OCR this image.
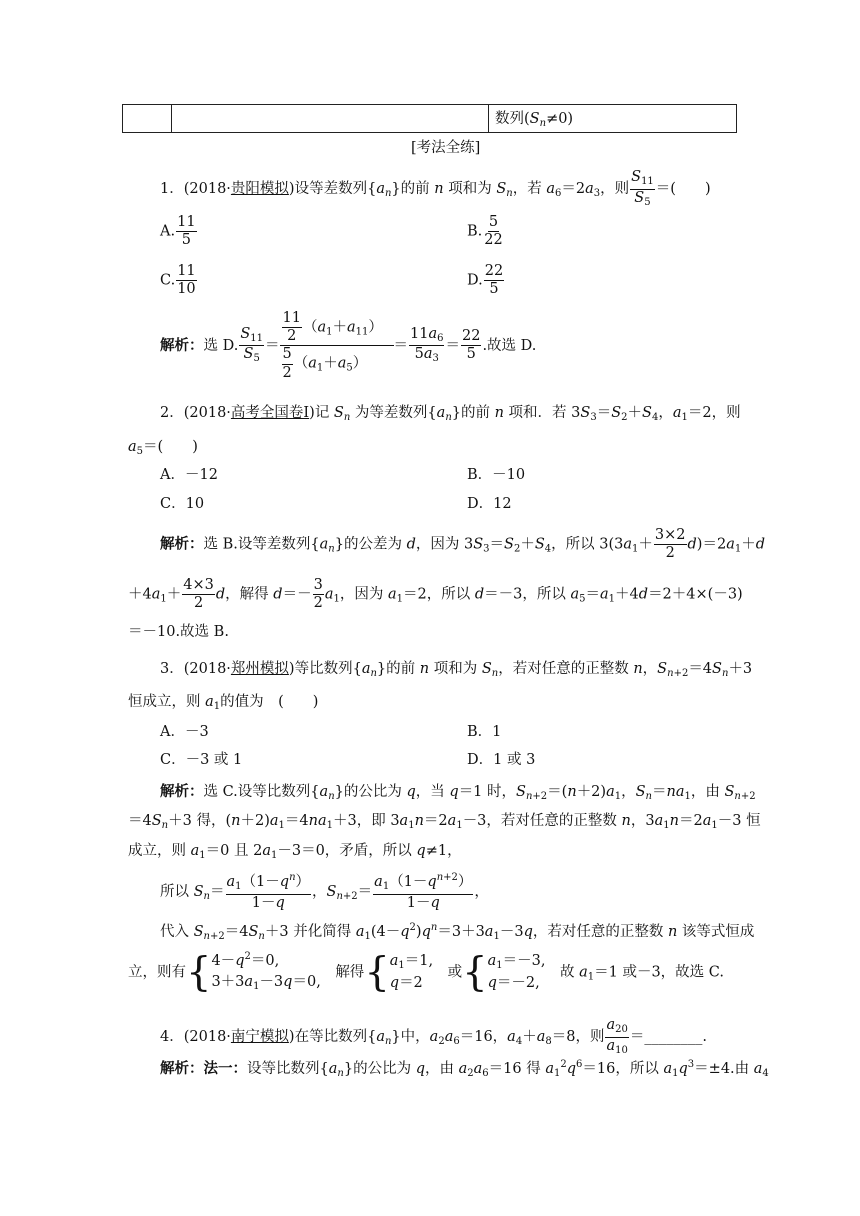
数列$(S_n\ne 0)$
[考法全练]
1．(2018·贵阳模拟)设等差数列$\{a_n\}$的前 n 项和为 $S_n$，若 $a_6=2a_3$，则 $\frac{S_{11}}{S_5}$ ＝(　　)
A. $\frac{11}{5}$	B. $\frac{5}{22}$
C. $\frac{11}{10}$	D. $\frac{22}{5}$
解析：选 D. $\frac{S_{11}}{S_5} = \frac{\frac{11}{2} (a_1+a_{11})}{\frac{5}{2} (a_1+a_5)} = \frac{11a_6}{5a_3} = \frac{22}{5}$ .故选 D.
2．(2018·高考全国卷Ⅰ)记 $S_n$ 为等差数列$\{a_n\}$的前 n 项和．若 $3S_3=S_2+S_4$，$a_1=2$，则
$a_5=$(　　)
A．－12	B．－10
C．10	D．12
解析：选 B.设等差数列$\{a_n\}$的公差为 d，因为 $3S_3=S_2+S_4$，所以 $3(3a_1+ \frac{3\times 2}{2} d)=2a_1+d$
$+4a_1+ \frac{4\times 3}{2}$ d，解得 $d=- \frac{3}{2} a_1$，因为 $a_1=2$，所以 d＝－3，所以 $a_5=a_1+4d=2+4\times(-3)$
＝－10.故选 B.
3．(2018·郑州模拟)等比数列$\{a_n\}$的前 n 项和为 $S_n$，若对任意的正整数 n，$S_{n+2}=4S_n+3$
恒成立，则 $a_1$的值为　(　　)
A．－3	B．1
C．－3 或 1	D．1 或 3
解析：选 C.设等比数列$\{a_n\}$的公比为 q，当 q＝1 时，$S_{n+2}=(n+2)a_1$，$S_n=na_1$，由 $S_{n+2}$
$=4S_n+3$ 得，$(n+2)a_1=4na_1+3$，即 $3a_1n=2a_1-3$，若对任意的正整数 n，$3a_1n=2a_1-3$ 恒
成立，则 $a_1=0$ 且 $2a_1-3=0$，矛盾，所以 q≠1，
所以 $S_n= \frac{a_1(1-q^n)}{1-q}$ ，$S_{n+2}= \frac{a_1(1-q^{n+2})}{1-q}$ ，
代入 $S_{n+2}=4S_n+3$ 并化简得 $a_1(4-q^2)q^n=3+3a_1-3q$，若对任意的正整数 n 该等式恒成
立，则有{ $4-q^2=0$,
$3+3a_1-3q=0$,
　解得{ $a_1=1$,
q＝2
　或{ $a_1=-3$,
q＝－2,
　故 $a_1=1$ 或－3，故选 C.
4．(2018·南宁模拟)在等比数列$\{a_n\}$中，$a_2a_6=16$，$a_4+a_8=8$，则 $\frac{a_{20}}{a_{10}}$ ＝________.
解析：法一：设等比数列$\{a_n\}$的公比为 q，由 $a_2a_6=16$ 得 $a_1^2q^6=16$，所以 $a_1q^3=\pm 4$.由 $a_4$
